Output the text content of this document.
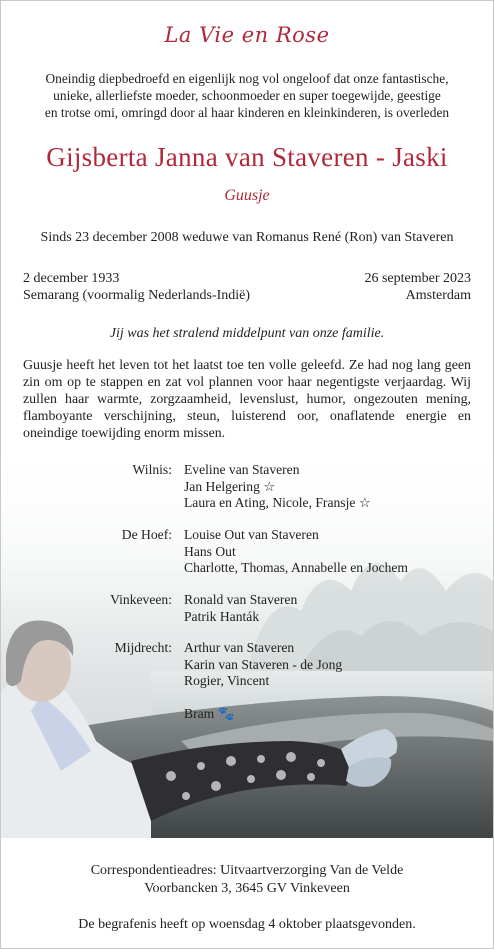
La Vie en Rose
Oneindig diepbedroefd en eigenlijk nog vol ongeloof dat onze fantastische,
unieke, allerliefste moeder, schoonmoeder en super toegewijde, geestige
en trotse omi, omringd door al haar kinderen en kleinkinderen, is overleden
Gijsberta Janna van Staveren - Jaski
Guusje
Sinds 23 december 2008 weduwe van Romanus René (Ron) van Staveren
2 december 1933
Semarang (voormalig Nederlands-Indië)
26 september 2023
Amsterdam
Jij was het stralend middelpunt van onze familie.
Guusje heeft het leven tot het laatst toe ten volle geleefd. Ze had nog lang geen zin om op te stappen en zat vol plannen voor haar negentigste verjaardag. Wij zullen haar warmte, zorgzaamheid, levenslust, humor, ongezouten mening, flamboyante verschijning, steun, luisterend oor, onaflatende energie en oneindige toewijding enorm missen.
Wilnis: Eveline van Staveren
Jan Helgering ☆
Laura en Ating, Nicole, Fransje ☆
De Hoef: Louise Out van Staveren
Hans Out
Charlotte, Thomas, Annabelle en Jochem
Vinkeveen: Ronald van Staveren
Patrik Hanták
Mijdrecht: Arthur van Staveren
Karin van Staveren - de Jong
Rogier, Vincent
Bram 🐾
Correspondentieadres: Uitvaartverzorging Van de Velde
Voorbancken 3, 3645 GV Vinkeveen
De begrafenis heeft op woensdag 4 oktober plaatsgevonden.
